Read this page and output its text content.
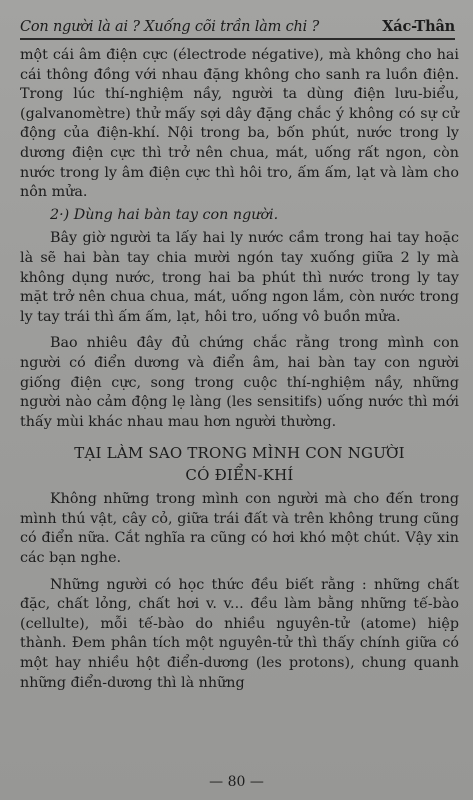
Con người là ai ? Xuống cõi trần làm chi ?	Xác-Thân

một cái âm điện cực (électrode négative), mà không cho hai cái thông đồng với nhau đặng không cho sanh ra luồn điện. Trong lúc thí-nghiệm nầy, người ta dùng điện lưu-biểu, (galvanomètre) thử mấy sợi dây đặng chắc ý không có sự cử động của điện-khí. Nội trong ba, bốn phút, nước trong ly dương điện cực thì trở nên chua, mát, uống rất ngon, còn nước trong ly âm điện cực thì hôi tro, ấm ấm, lạt và làm cho nôn mửa.

2·) Dùng hai bàn tay con người.

Bây giờ người ta lấy hai ly nước cầm trong hai tay hoặc là sẽ hai bàn tay chia mười ngón tay xuống giữa 2 ly mà không dụng nước, trong hai ba phút thì nước trong ly tay mặt trở nên chua chua, mát, uống ngon lắm, còn nước trong ly tay trái thì ấm ấm, lạt, hôi tro, uống vô buồn mửa.

Bao nhiêu đây đủ chứng chắc rằng trong mình con người có điển dương và điển âm, hai bàn tay con người giống điện cực, song trong cuộc thí-nghiệm nầy, những người nào cảm động lẹ làng (les sensitifs) uống nước thì mới thấy mùi khác nhau mau hơn người thường.

TẠI LÀM SAO TRONG MÌNH CON NGƯỜI
CÓ ĐIỂN-KHÍ

Không những trong mình con người mà cho đến trong mình thú vật, cây cỏ, giữa trái đất và trên không trung cũng có điển nữa. Cắt nghĩa ra cũng có hơi khó một chút. Vậy xin các bạn nghe.

Những người có học thức đều biết rằng : những chất đặc, chất lỏng, chất hơi v. v... đều làm bằng những tế-bào (cellulte), mỗi tế-bào do nhiều nguyên-tử (atome) hiệp thành. Đem phân tích một nguyên-tử thì thấy chính giữa có một hay nhiều hột điển-dương (les protons), chung quanh những điển-dương thì là những

— 80 —
